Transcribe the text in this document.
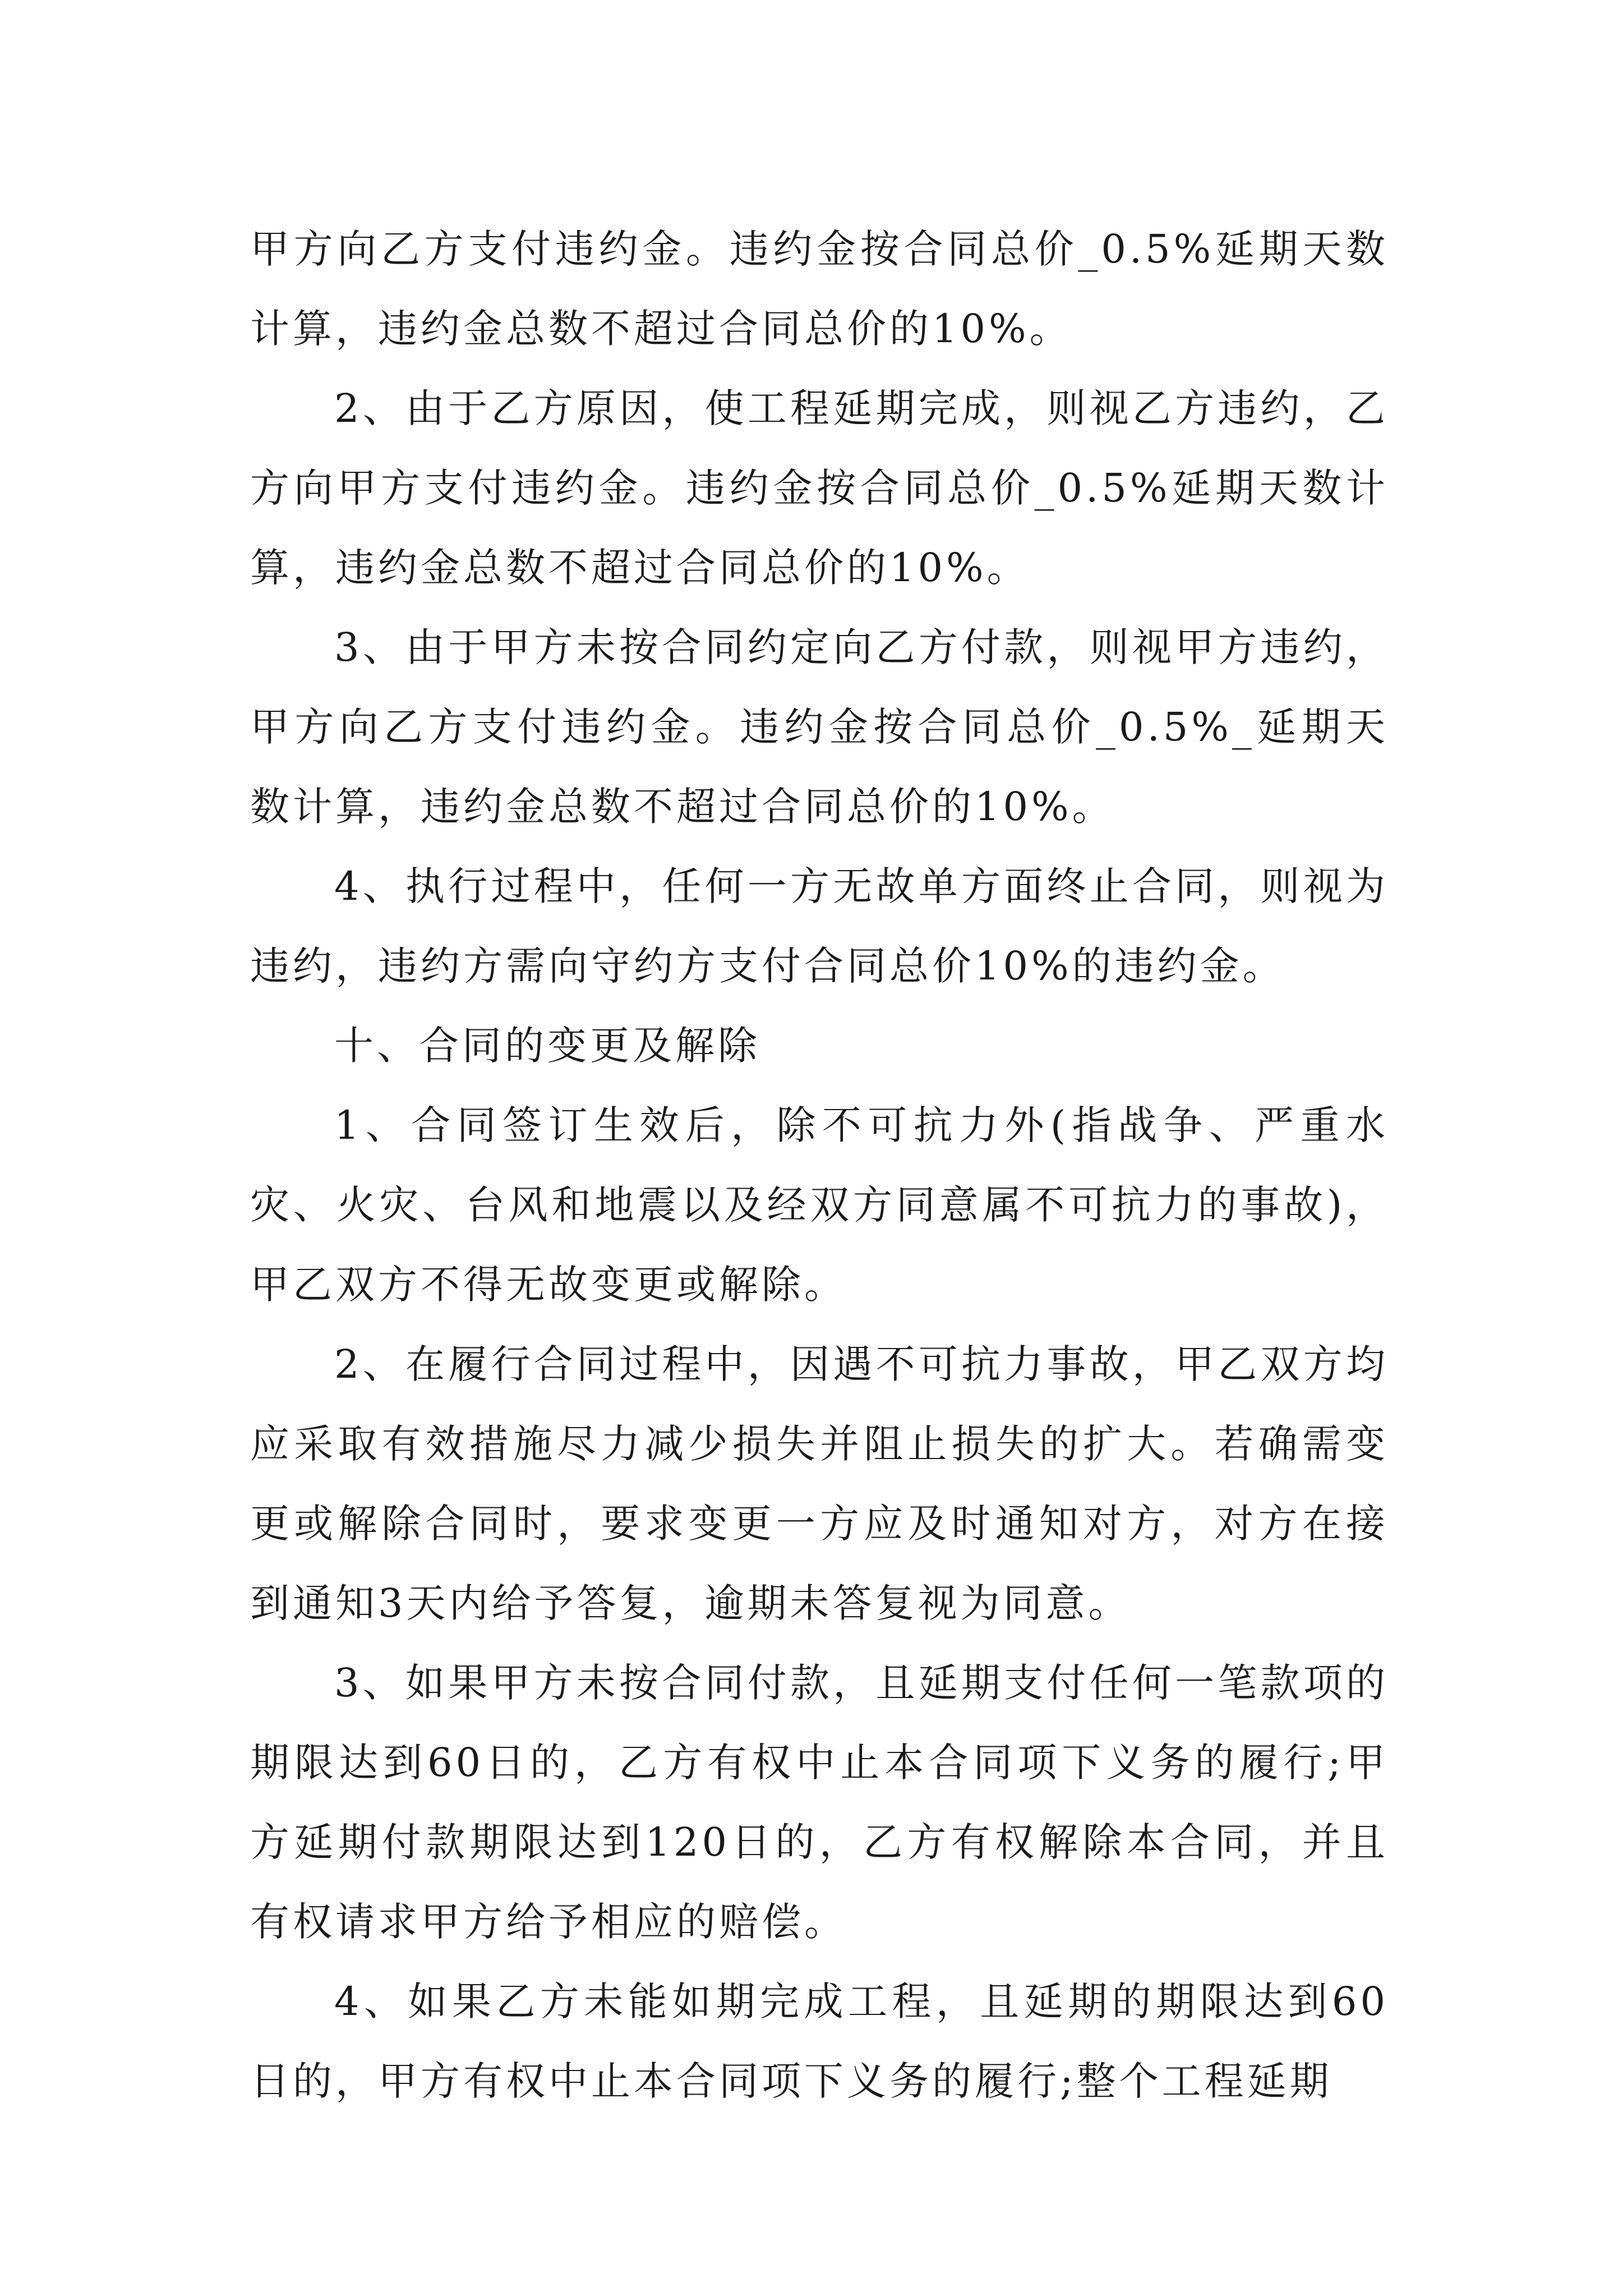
甲方向乙方支付违约金。违约金按合同总价_0.5%延期天数计算，违约金总数不超过合同总价的10%。

2、由于乙方原因，使工程延期完成，则视乙方违约，乙方向甲方支付违约金。违约金按合同总价_0.5%延期天数计算，违约金总数不超过合同总价的10%。

3、由于甲方未按合同约定向乙方付款，则视甲方违约，甲方向乙方支付违约金。违约金按合同总价_0.5%_延期天数计算，违约金总数不超过合同总价的10%。

4、执行过程中，任何一方无故单方面终止合同，则视为违约，违约方需向守约方支付合同总价10%的违约金。

十、合同的变更及解除

1、合同签订生效后，除不可抗力外(指战争、严重水灾、火灾、台风和地震以及经双方同意属不可抗力的事故)，甲乙双方不得无故变更或解除。

2、在履行合同过程中，因遇不可抗力事故，甲乙双方均应采取有效措施尽力减少损失并阻止损失的扩大。若确需变更或解除合同时，要求变更一方应及时通知对方，对方在接到通知3天内给予答复，逾期未答复视为同意。

3、如果甲方未按合同付款，且延期支付任何一笔款项的期限达到60日的，乙方有权中止本合同项下义务的履行;甲方延期付款期限达到120日的，乙方有权解除本合同，并且有权请求甲方给予相应的赔偿。

4、如果乙方未能如期完成工程，且延期的期限达到60日的，甲方有权中止本合同项下义务的履行;整个工程延期
